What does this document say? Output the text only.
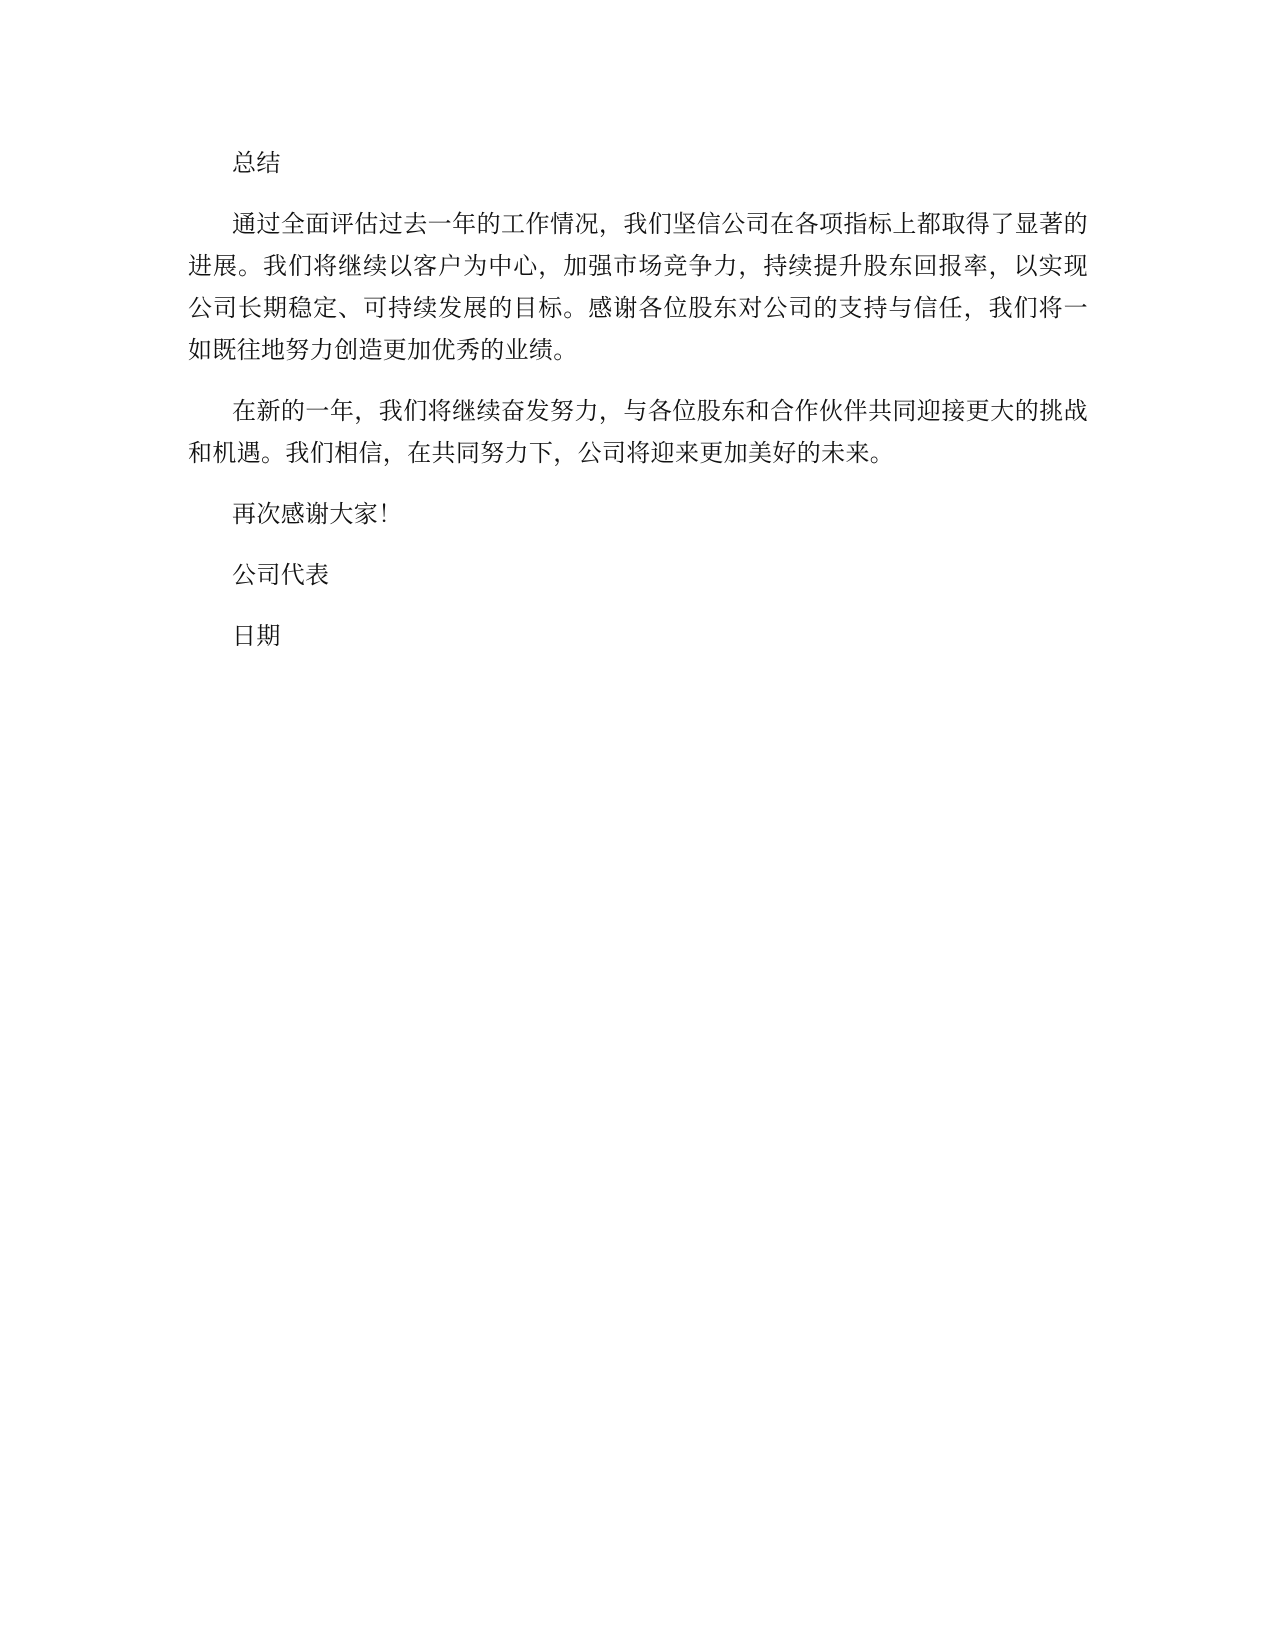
总结

通过全面评估过去一年的工作情况，我们坚信公司在各项指标上都取得了显著的进展。我们将继续以客户为中心，加强市场竞争力，持续提升股东回报率，以实现公司长期稳定、可持续发展的目标。感谢各位股东对公司的支持与信任，我们将一如既往地努力创造更加优秀的业绩。

在新的一年，我们将继续奋发努力，与各位股东和合作伙伴共同迎接更大的挑战和机遇。我们相信，在共同努力下，公司将迎来更加美好的未来。

再次感谢大家！

公司代表

日期
